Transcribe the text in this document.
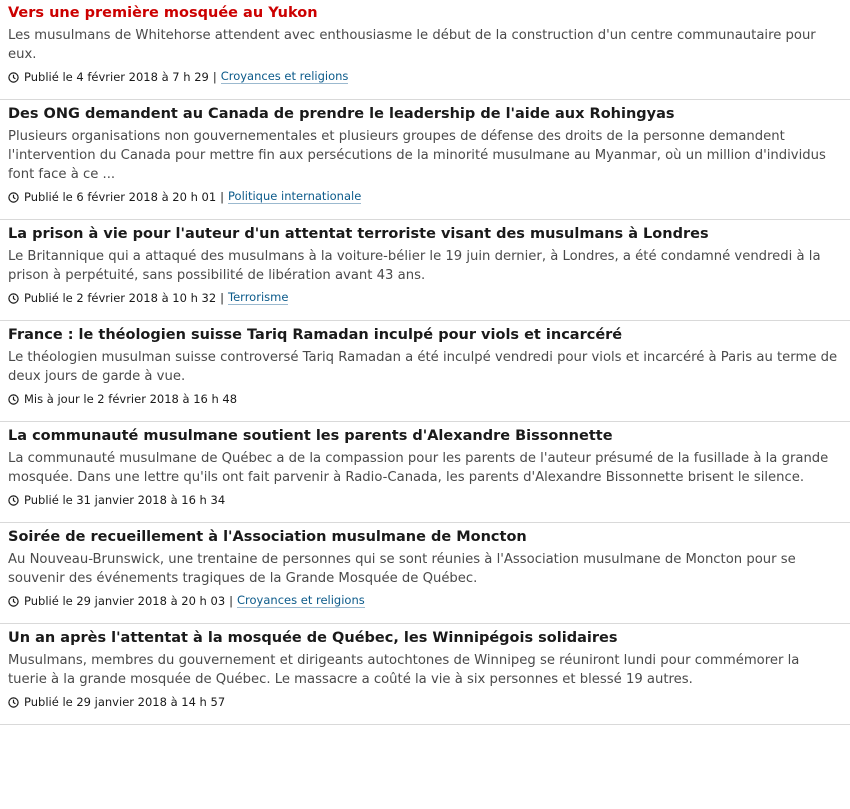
Vers une première mosquée au Yukon

Les musulmans de Whitehorse attendent avec enthousiasme le début de la construction d'un centre communautaire pour eux.

Publié le 4 février 2018 à 7 h 29 | Croyances et religions
Des ONG demandent au Canada de prendre le leadership de l'aide aux Rohingyas

Plusieurs organisations non gouvernementales et plusieurs groupes de défense des droits de la personne demandent l'intervention du Canada pour mettre fin aux persécutions de la minorité musulmane au Myanmar, où un million d'individus font face à ce ...

Publié le 6 février 2018 à 20 h 01 | Politique internationale
La prison à vie pour l'auteur d'un attentat terroriste visant des musulmans à Londres

Le Britannique qui a attaqué des musulmans à la voiture-bélier le 19 juin dernier, à Londres, a été condamné vendredi à la prison à perpétuité, sans possibilité de libération avant 43 ans.

Publié le 2 février 2018 à 10 h 32 | Terrorisme
France : le théologien suisse Tariq Ramadan inculpé pour viols et incarcéré

Le théologien musulman suisse controversé Tariq Ramadan a été inculpé vendredi pour viols et incarcéré à Paris au terme de deux jours de garde à vue.

Mis à jour le 2 février 2018 à 16 h 48
La communauté musulmane soutient les parents d'Alexandre Bissonnette

La communauté musulmane de Québec a de la compassion pour les parents de l'auteur présumé de la fusillade à la grande mosquée. Dans une lettre qu'ils ont fait parvenir à Radio-Canada, les parents d'Alexandre Bissonnette brisent le silence.

Publié le 31 janvier 2018 à 16 h 34
Soirée de recueillement à l'Association musulmane de Moncton

Au Nouveau-Brunswick, une trentaine de personnes qui se sont réunies à l'Association musulmane de Moncton pour se souvenir des événements tragiques de la Grande Mosquée de Québec.

Publié le 29 janvier 2018 à 20 h 03 | Croyances et religions
Un an après l'attentat à la mosquée de Québec, les Winnipégois solidaires

Musulmans, membres du gouvernement et dirigeants autochtones de Winnipeg se réuniront lundi pour commémorer la tuerie à la grande mosquée de Québec. Le massacre a coûté la vie à six personnes et blessé 19 autres.

Publié le 29 janvier 2018 à 14 h 57
